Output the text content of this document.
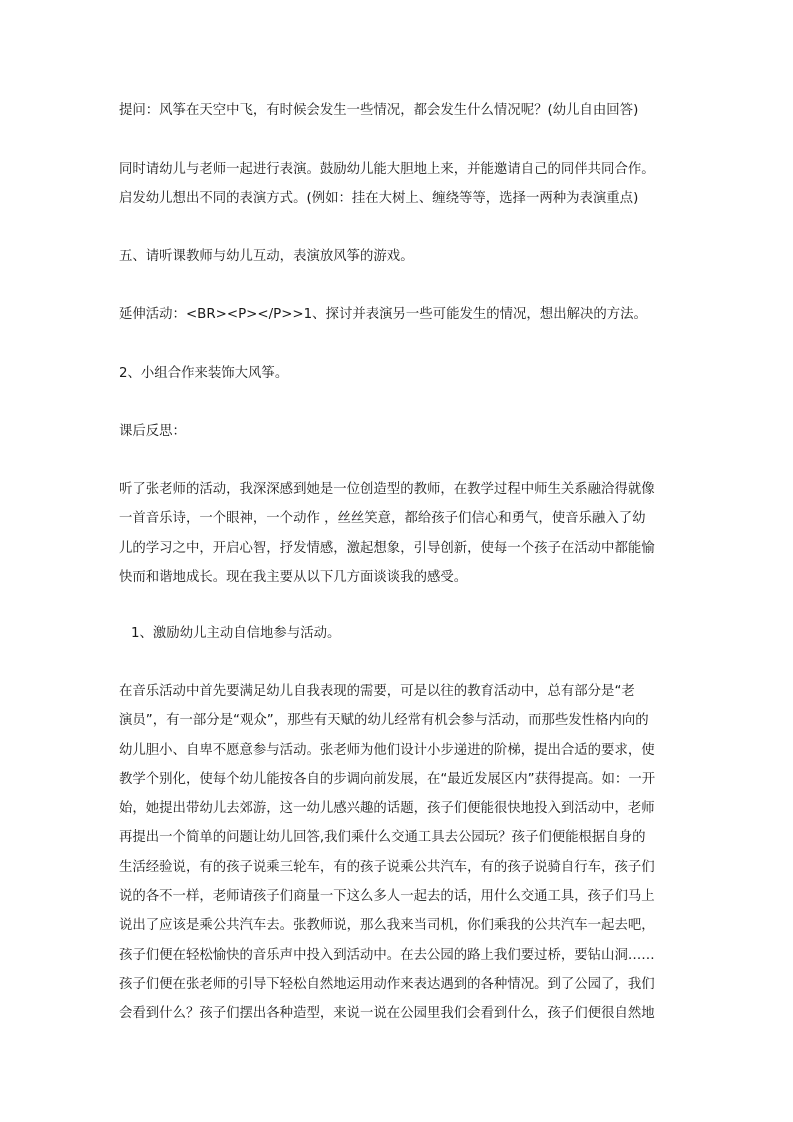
提问：风筝在天空中飞，有时候会发生一些情况，都会发生什么情况呢？(幼儿自由回答)

同时请幼儿与老师一起进行表演。鼓励幼儿能大胆地上来，并能邀请自己的同伴共同合作。

启发幼儿想出不同的表演方式。(例如：挂在大树上、缠绕等等，选择一两种为表演重点)

五、请听课教师与幼儿互动，表演放风筝的游戏。

延伸活动：<BR><P></P>>1、探讨并表演另一些可能发生的情况，想出解决的方法。

2、小组合作来装饰大风筝。

课后反思：

听了张老师的活动，我深深感到她是一位创造型的教师，在教学过程中师生关系融洽得就像
一首音乐诗，一个眼神，一个动作 ，丝丝笑意，都给孩子们信心和勇气，使音乐融入了幼
儿的学习之中，开启心智，抒发情感，激起想象，引导创新，使每一个孩子在活动中都能愉
快而和谐地成长。现在我主要从以下几方面谈谈我的感受。

1、激励幼儿主动自信地参与活动。

在音乐活动中首先要满足幼儿自我表现的需要，可是以往的教育活动中，总有部分是“老
演员”，有一部分是“观众”，那些有天赋的幼儿经常有机会参与活动，而那些发性格内向的
幼儿胆小、自卑不愿意参与活动。张老师为他们设计小步递进的阶梯，提出合适的要求，使
教学个别化，使每个幼儿能按各自的步调向前发展，在“最近发展区内”获得提高。如：一开
始，她提出带幼儿去郊游，这一幼儿感兴趣的话题，孩子们便能很快地投入到活动中，老师
再提出一个简单的问题让幼儿回答,我们乘什么交通工具去公园玩？孩子们便能根据自身的
生活经验说，有的孩子说乘三轮车，有的孩子说乘公共汽车，有的孩子说骑自行车，孩子们
说的各不一样，老师请孩子们商量一下这么多人一起去的话，用什么交通工具，孩子们马上
说出了应该是乘公共汽车去。张教师说，那么我来当司机，你们乘我的公共汽车一起去吧，
孩子们便在轻松愉快的音乐声中投入到活动中。在去公园的路上我们要过桥，要钻山洞……
孩子们便在张老师的引导下轻松自然地运用动作来表达遇到的各种情况。到了公园了，我们
会看到什么？孩子们摆出各种造型，来说一说在公园里我们会看到什么，孩子们便很自然地
